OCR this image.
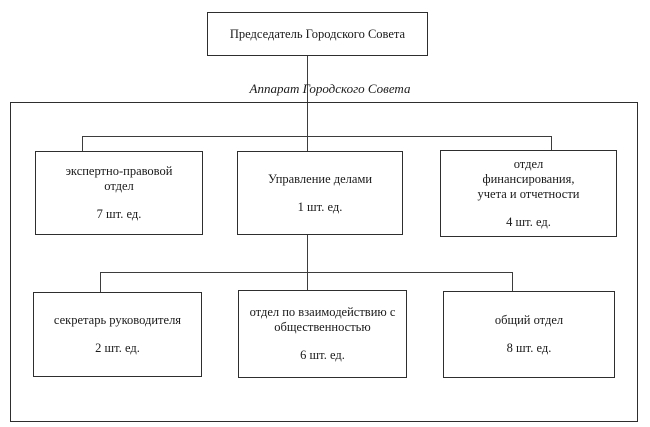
Председатель Городского Совета
Аппарат Городского Совета
экспертно-правовой
отдел
7 шт. ед.
Управление делами
1 шт. ед.
отдел
финансирования,
учета и отчетности
4 шт. ед.
секретарь руководителя
2 шт. ед.
отдел по взаимодействию с
общественностью
6 шт. ед.
общий отдел
8 шт. ед.
